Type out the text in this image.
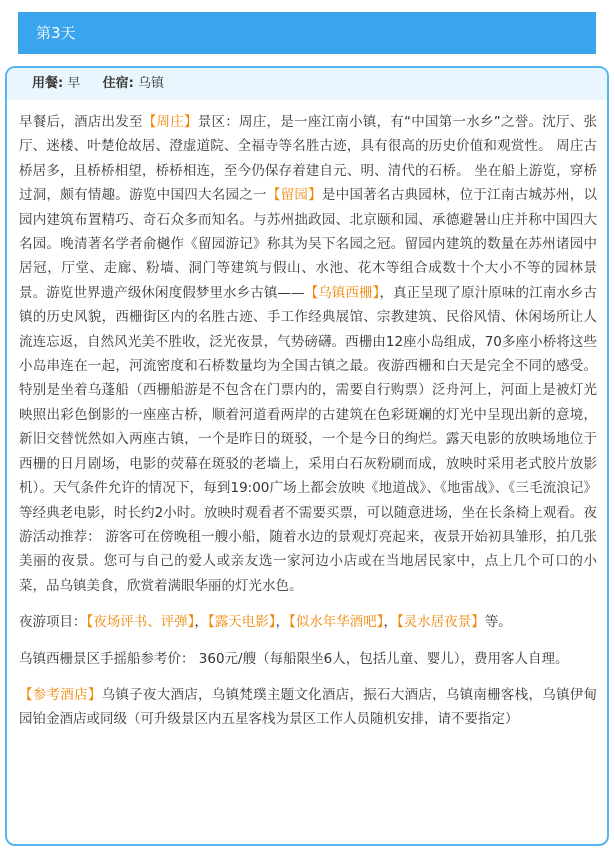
第3天
用餐: 早 住宿: 乌镇

早餐后，酒店出发至【周庄】景区：周庄，是一座江南小镇，有“中国第一水乡”之誉。沈厅、张厅、迷楼、叶楚伧故居、澄虚道院、全福寺等名胜古迹，具有很高的历史价值和观赏性。 周庄古桥居多，且桥桥相望，桥桥相连，至今仍保存着建自元、明、清代的石桥。 坐在船上游览，穿桥过洞，颇有情趣。游览中国四大名园之一【留园】是中国著名古典园林，位于江南古城苏州，以园内建筑布置精巧、奇石众多而知名。与苏州拙政园、北京颐和园、承德避暑山庄并称中国四大名园。晚清著名学者俞樾作《留园游记》称其为吴下名园之冠。留园内建筑的数量在苏州诸园中居冠，厅堂、走廊、粉墙、洞门等建筑与假山、水池、花木等组合成数十个大小不等的园林景景。游览世界遗产级休闲度假梦里水乡古镇——【乌镇西栅】，真正呈现了原汁原味的江南水乡古镇的历史风貌，西栅街区内的名胜古迹、手工作经典展馆、宗教建筑、民俗风情、休闲场所让人流连忘返，自然风光美不胜收，泛光夜景，气势磅礴。西栅由12座小岛组成，70多座小桥将这些小岛串连在一起，河流密度和石桥数量均为全国古镇之最。夜游西栅和白天是完全不同的感受。特别是坐着乌蓬船（西栅船游是不包含在门票内的，需要自行购票）泛舟河上，河面上是被灯光映照出彩色倒影的一座座古桥，顺着河道看两岸的古建筑在色彩斑斓的灯光中呈现出新的意境，新旧交替恍然如入两座古镇，一个是昨日的斑驳，一个是今日的绚烂。露天电影的放映场地位于西栅的日月剧场，电影的荧幕在斑驳的老墙上，采用白石灰粉刷而成，放映时采用老式胶片放影机）。天气条件允许的情况下，每到19:00广场上都会放映《地道战》、《地雷战》、《三毛流浪记》等经典老电影，时长约2小时。放映时观看者不需要买票，可以随意进场，坐在长条椅上观看。夜游活动推荐： 游客可在傍晚租一艘小船，随着水边的景观灯亮起来，夜景开始初具雏形，拍几张美丽的夜景。您可与自己的爱人或亲友选一家河边小店或在当地居民家中，点上几个可口的小菜，品乌镇美食，欣赏着满眼华丽的灯光水色。

夜游项目：【夜场评书、评弹】，【露天电影】，【似水年华酒吧】，【灵水居夜景】等。

乌镇西栅景区手摇船参考价： 360元/艘（每船限坐6人，包括儿童、婴儿），费用客人自理。

【参考酒店】乌镇子夜大酒店，乌镇梵璞主题文化酒店，振石大酒店，乌镇南栅客栈，乌镇伊甸园铂金酒店或同级（可升级景区内五星客栈为景区工作人员随机安排，请不要指定）
